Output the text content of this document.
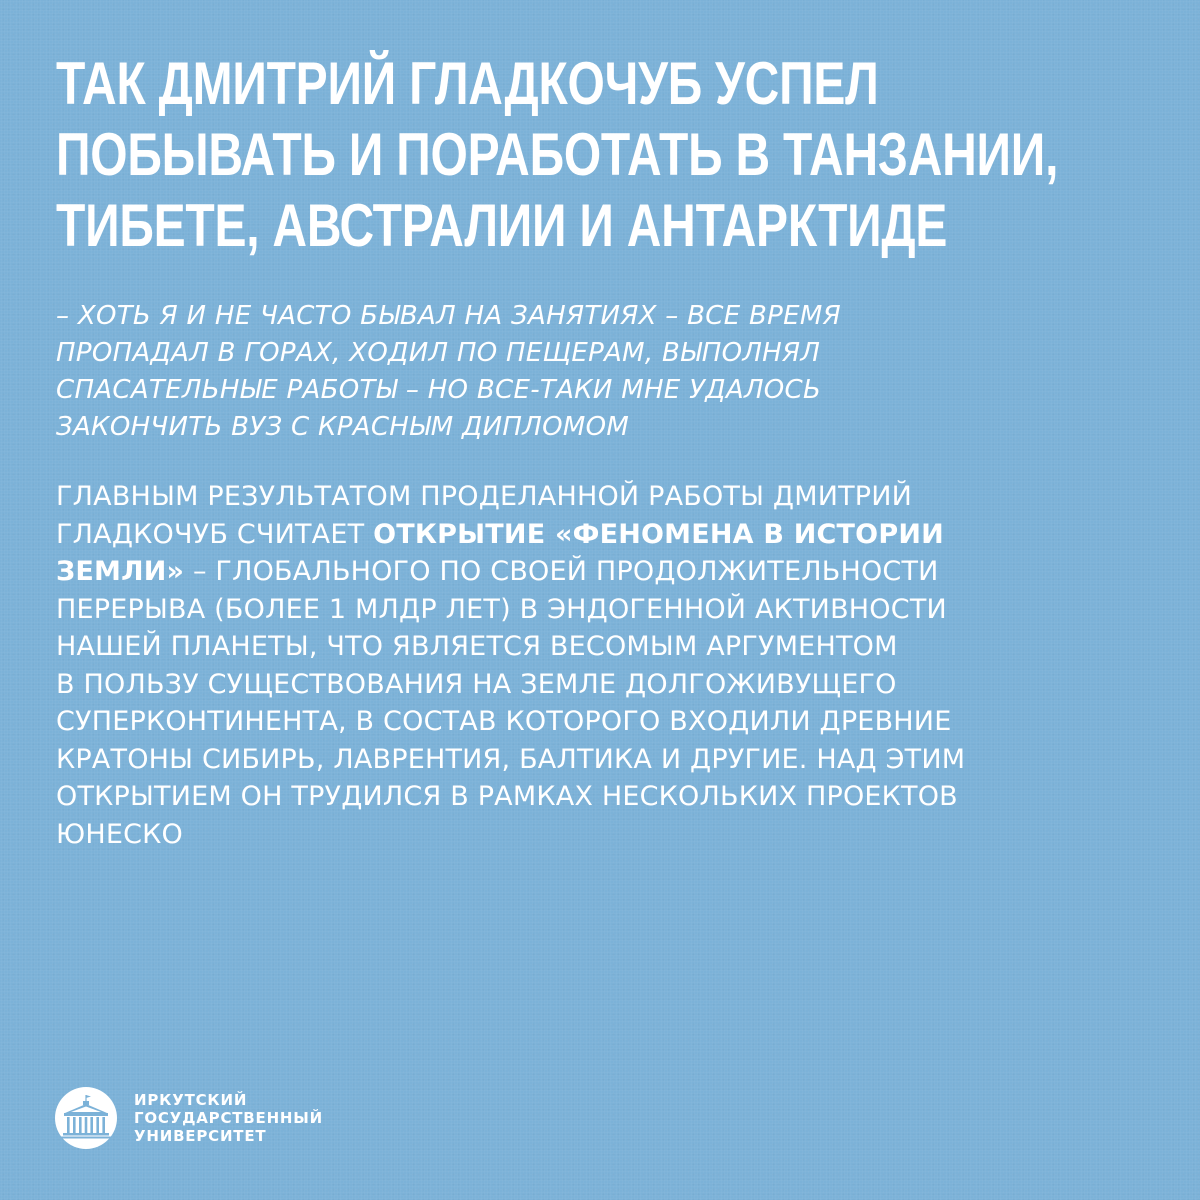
ТАК ДМИТРИЙ ГЛАДКОЧУБ УСПЕЛ
ПОБЫВАТЬ И ПОРАБОТАТЬ В ТАНЗАНИИ,
ТИБЕТЕ, АВСТРАЛИИ И АНТАРКТИДЕ

– ХОТЬ Я И НЕ ЧАСТО БЫВАЛ НА ЗАНЯТИЯХ – ВСЕ ВРЕМЯ
ПРОПАДАЛ В ГОРАХ, ХОДИЛ ПО ПЕЩЕРАМ, ВЫПОЛНЯЛ
СПАСАТЕЛЬНЫЕ РАБОТЫ – НО ВСЕ-ТАКИ МНЕ УДАЛОСЬ
ЗАКОНЧИТЬ ВУЗ С КРАСНЫМ ДИПЛОМОМ

ГЛАВНЫМ РЕЗУЛЬТАТОМ ПРОДЕЛАННОЙ РАБОТЫ ДМИТРИЙ
ГЛАДКОЧУБ СЧИТАЕТ ОТКРЫТИЕ «ФЕНОМЕНА В ИСТОРИИ
ЗЕМЛИ» – ГЛОБАЛЬНОГО ПО СВОЕЙ ПРОДОЛЖИТЕЛЬНОСТИ
ПЕРЕРЫВА (БОЛЕЕ 1 МЛДР ЛЕТ) В ЭНДОГЕННОЙ АКТИВНОСТИ
НАШЕЙ ПЛАНЕТЫ, ЧТО ЯВЛЯЕТСЯ ВЕСОМЫМ АРГУМЕНТОМ
В ПОЛЬЗУ СУЩЕСТВОВАНИЯ НА ЗЕМЛЕ ДОЛГОЖИВУЩЕГО
СУПЕРКОНТИНЕНТА, В СОСТАВ КОТОРОГО ВХОДИЛИ ДРЕВНИЕ
КРАТОНЫ СИБИРЬ, ЛАВРЕНТИЯ, БАЛТИКА И ДРУГИЕ. НАД ЭТИМ
ОТКРЫТИЕМ ОН ТРУДИЛСЯ В РАМКАХ НЕСКОЛЬКИХ ПРОЕКТОВ
ЮНЕСКО

ИРКУТСКИЙ
ГОСУДАРСТВЕННЫЙ
УНИВЕРСИТЕТ
